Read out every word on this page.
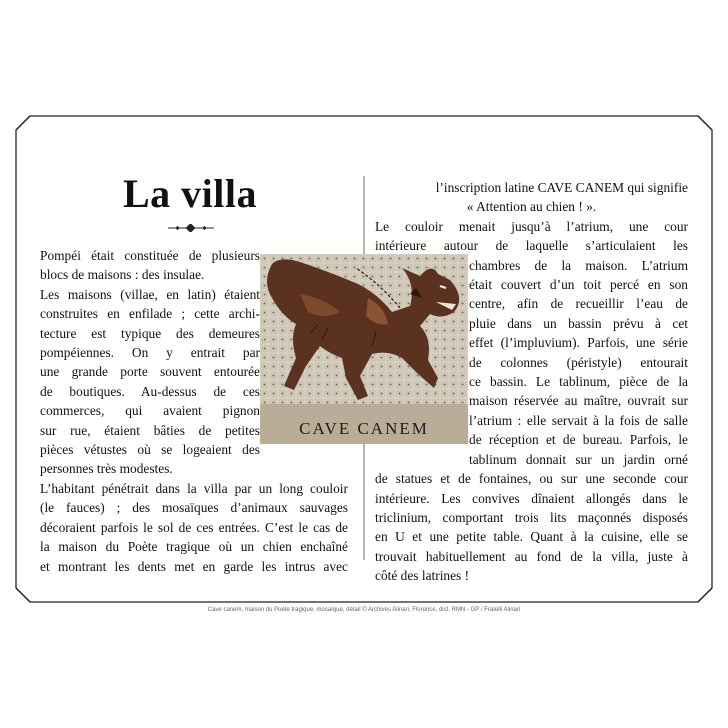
La villa

Pompéi était constituée de plusieurs

blocs de maisons : des insulae.

Les maisons (villae, en latin) étaient

construites en enfilade ; cette archi-

tecture est typique des demeures

pompéiennes. On y entrait par

une grande porte souvent entourée

de boutiques. Au-dessus de ces

commerces, qui avaient pignon

sur rue, étaient bâties de petites

pièces vétustes où se logeaient des

personnes très modestes.

L’habitant pénétrait dans la villa par un long couloir

(le fauces) ; des mosaïques d’animaux sauvages

décoraient parfois le sol de ces entrées. C’est le cas de

la maison du Poète tragique où un chien enchaîné

et montrant les dents met en garde les intrus avec

l’inscription latine CAVE CANEM qui signifie

« Attention au chien ! ».

Le couloir menait jusqu’à l’atrium, une cour

intérieure autour de laquelle s’articulaient les

chambres de la maison. L’atrium

était couvert d’un toit percé en son

centre, afin de recueillir l’eau de

pluie dans un bassin prévu à cet

effet (l’impluvium). Parfois, une série

de colonnes (péristyle) entourait

ce bassin. Le tablinum, pièce de la

maison réservée au maître, ouvrait sur

l’atrium : elle servait à la fois de salle

de réception et de bureau. Parfois, le

tablinum donnait sur un jardin orné

de statues et de fontaines, ou sur une seconde cour

intérieure. Les convives dînaient allongés dans le

triclinium, comportant trois lits maçonnés disposés

en U et une petite table. Quant à la cuisine, elle se

trouvait habituellement au fond de la villa, juste à

côté des latrines !

CAVE CANEM
Cave canem, maison du Poète tragique, mosaïque, détail © Archives Alinari, Florence, dist. RMN - GP / Fratelli Alinari
